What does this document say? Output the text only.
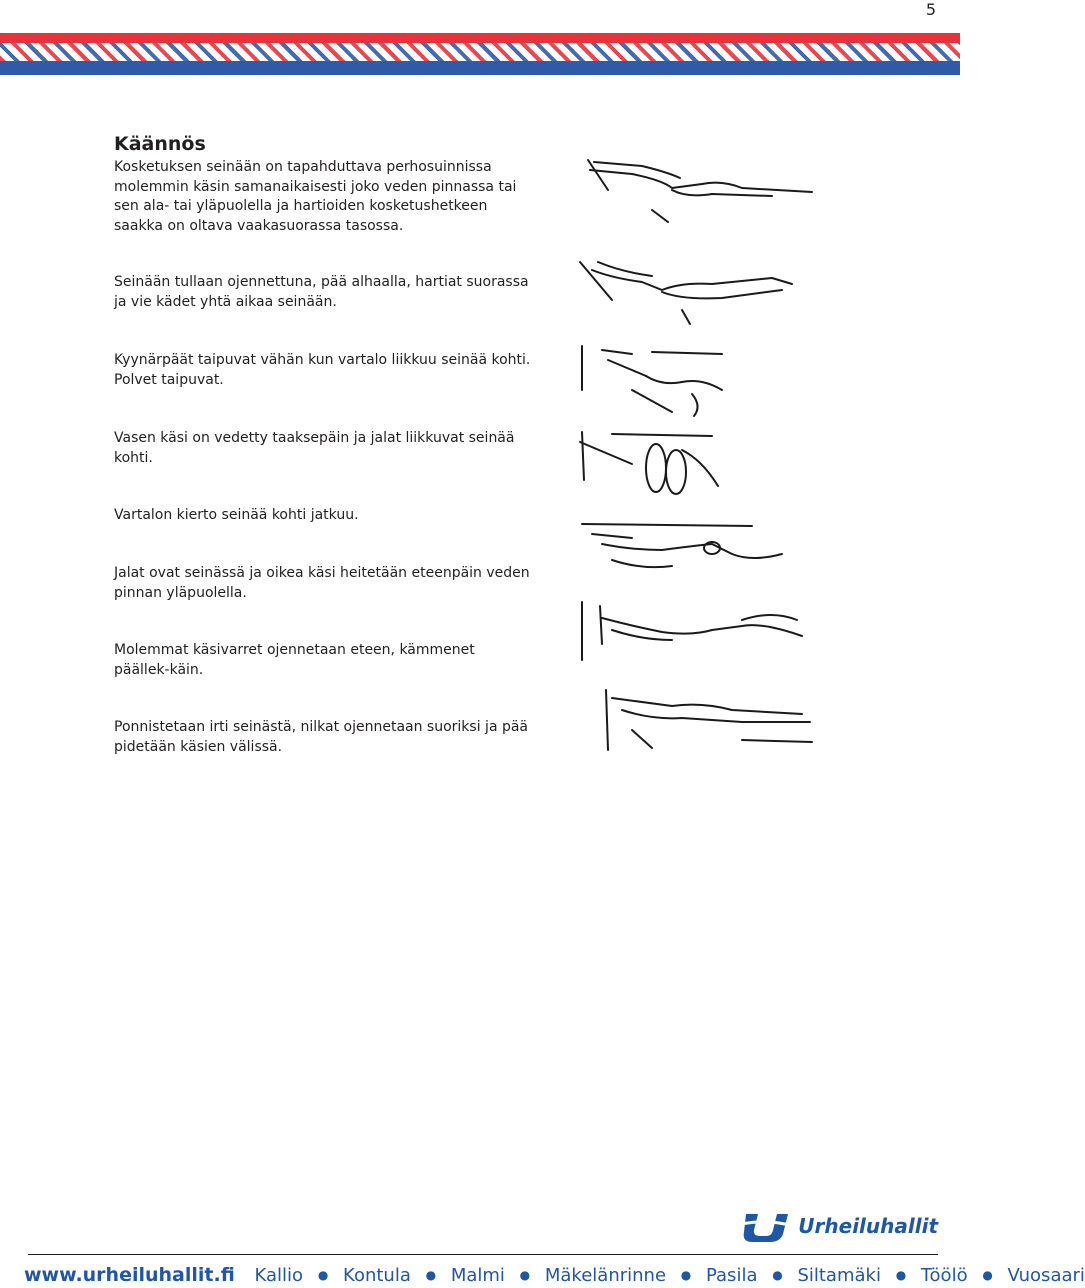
5
Käännös

Kosketuksen seinään on tapahduttava perhosuinnissa molemmin käsin samanaikaisesti joko veden pinnassa tai sen ala- tai yläpuolella ja hartioiden kosketushetkeen saakka on oltava vaakasuorassa tasossa.

Seinään tullaan ojennettuna, pää alhaalla, hartiat suorassa ja vie kädet yhtä aikaa seinään.

Kyynärpäät taipuvat vähän kun vartalo liikkuu seinää kohti. Polvet taipuvat.

Vasen käsi on vedetty taaksepäin ja jalat liikkuvat seinää kohti.

Vartalon kierto seinää kohti jatkuu.

Jalat ovat seinässä ja oikea käsi heitetään eteenpäin veden pinnan yläpuolella.

Molemmat käsivarret ojennetaan eteen, kämmenet päällek-käin.

Ponnistetaan irti seinästä, nilkat ojennetaan suoriksi ja pää pidetään käsien välissä.

Urheiluhallit
www.urheiluhallit.fi Kallio ● Kontula ● Malmi ● Mäkelänrinne ● Pasila ● Siltamäki ● Töölö ● Vuosaari
